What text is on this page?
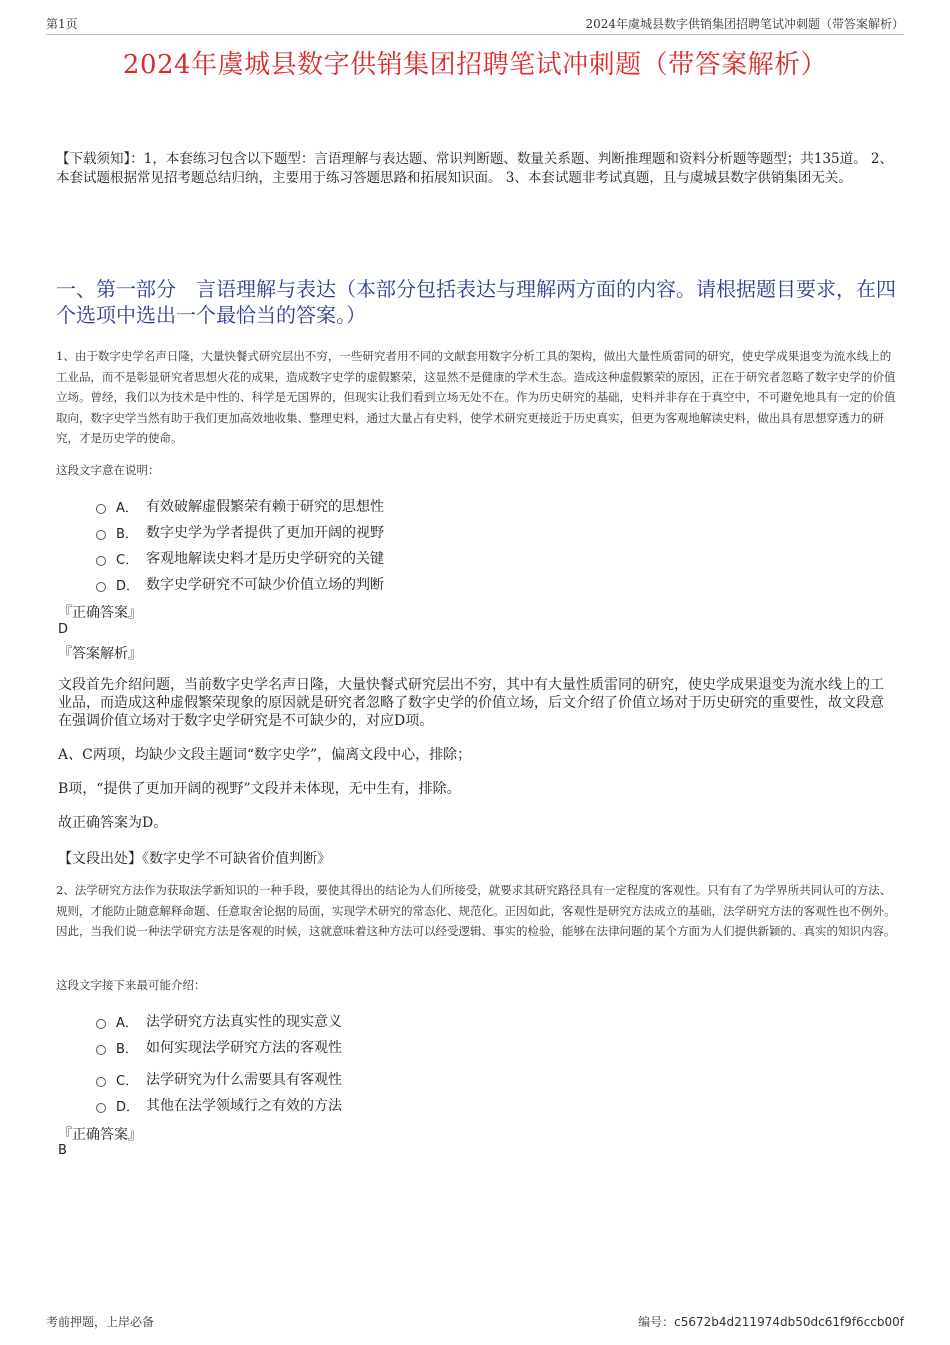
第1页	2024年虞城县数字供销集团招聘笔试冲刺题（带答案解析）
2024年虞城县数字供销集团招聘笔试冲刺题（带答案解析）
【下载须知】：1，本套练习包含以下题型：言语理解与表达题、常识判断题、数量关系题、判断推理题和资料分析题等题型；共135道。 2、本套试题根据常见招考题总结归纳，主要用于练习答题思路和拓展知识面。 3、本套试题非考试真题，且与虞城县数字供销集团无关。
一、第一部分　言语理解与表达（本部分包括表达与理解两方面的内容。请根据题目要求，在四个选项中选出一个最恰当的答案。）
1、由于数字史学名声日隆，大量快餐式研究层出不穷，一些研究者用不同的文献套用数字分析工具的架构，做出大量性质雷同的研究，使史学成果退变为流水线上的工业品，而不是彰显研究者思想火花的成果，造成数字史学的虚假繁荣，这显然不是健康的学术生态。造成这种虚假繁荣的原因，正在于研究者忽略了数字史学的价值立场。曾经，我们以为技术是中性的、科学是无国界的，但现实让我们看到立场无处不在。作为历史研究的基础，史料并非存在于真空中，不可避免地具有一定的价值取向，数字史学当然有助于我们更加高效地收集、整理史料，通过大量占有史料，使学术研究更接近于历史真实，但更为客观地解读史料，做出具有思想穿透力的研究，才是历史学的使命。
这段文字意在说明：
A． 有效破解虚假繁荣有赖于研究的思想性
B． 数字史学为学者提供了更加开阔的视野
C． 客观地解读史料才是历史学研究的关键
D． 数字史学研究不可缺少价值立场的判断
『正确答案』
D
『答案解析』
文段首先介绍问题，当前数字史学名声日隆，大量快餐式研究层出不穷，其中有大量性质雷同的研究，使史学成果退变为流水线上的工业品，而造成这种虚假繁荣现象的原因就是研究者忽略了数字史学的价值立场，后文介绍了价值立场对于历史研究的重要性，故文段意在强调价值立场对于数字史学研究是不可缺少的，对应D项。
A、C两项，均缺少文段主题词“数字史学”，偏离文段中心，排除；
B项，“提供了更加开阔的视野”文段并未体现，无中生有，排除。
故正确答案为D。
【文段出处】《数字史学不可缺省价值判断》
2、法学研究方法作为获取法学新知识的一种手段，要使其得出的结论为人们所接受，就要求其研究路径具有一定程度的客观性。只有有了为学界所共同认可的方法、规则，才能防止随意解释命题、任意取舍论据的局面，实现学术研究的常态化、规范化。正因如此，客观性是研究方法成立的基础，法学研究方法的客观性也不例外。因此，当我们说一种法学研究方法是客观的时候，这就意味着这种方法可以经受逻辑、事实的检验，能够在法律问题的某个方面为人们提供新颖的、真实的知识内容。
这段文字接下来最可能介绍：
A． 法学研究方法真实性的现实意义
B． 如何实现法学研究方法的客观性
C． 法学研究为什么需要具有客观性
D． 其他在法学领域行之有效的方法
『正确答案』
B
考前押题，上岸必备	编号：c5672b4d211974db50dc61f9f6ccb00f
